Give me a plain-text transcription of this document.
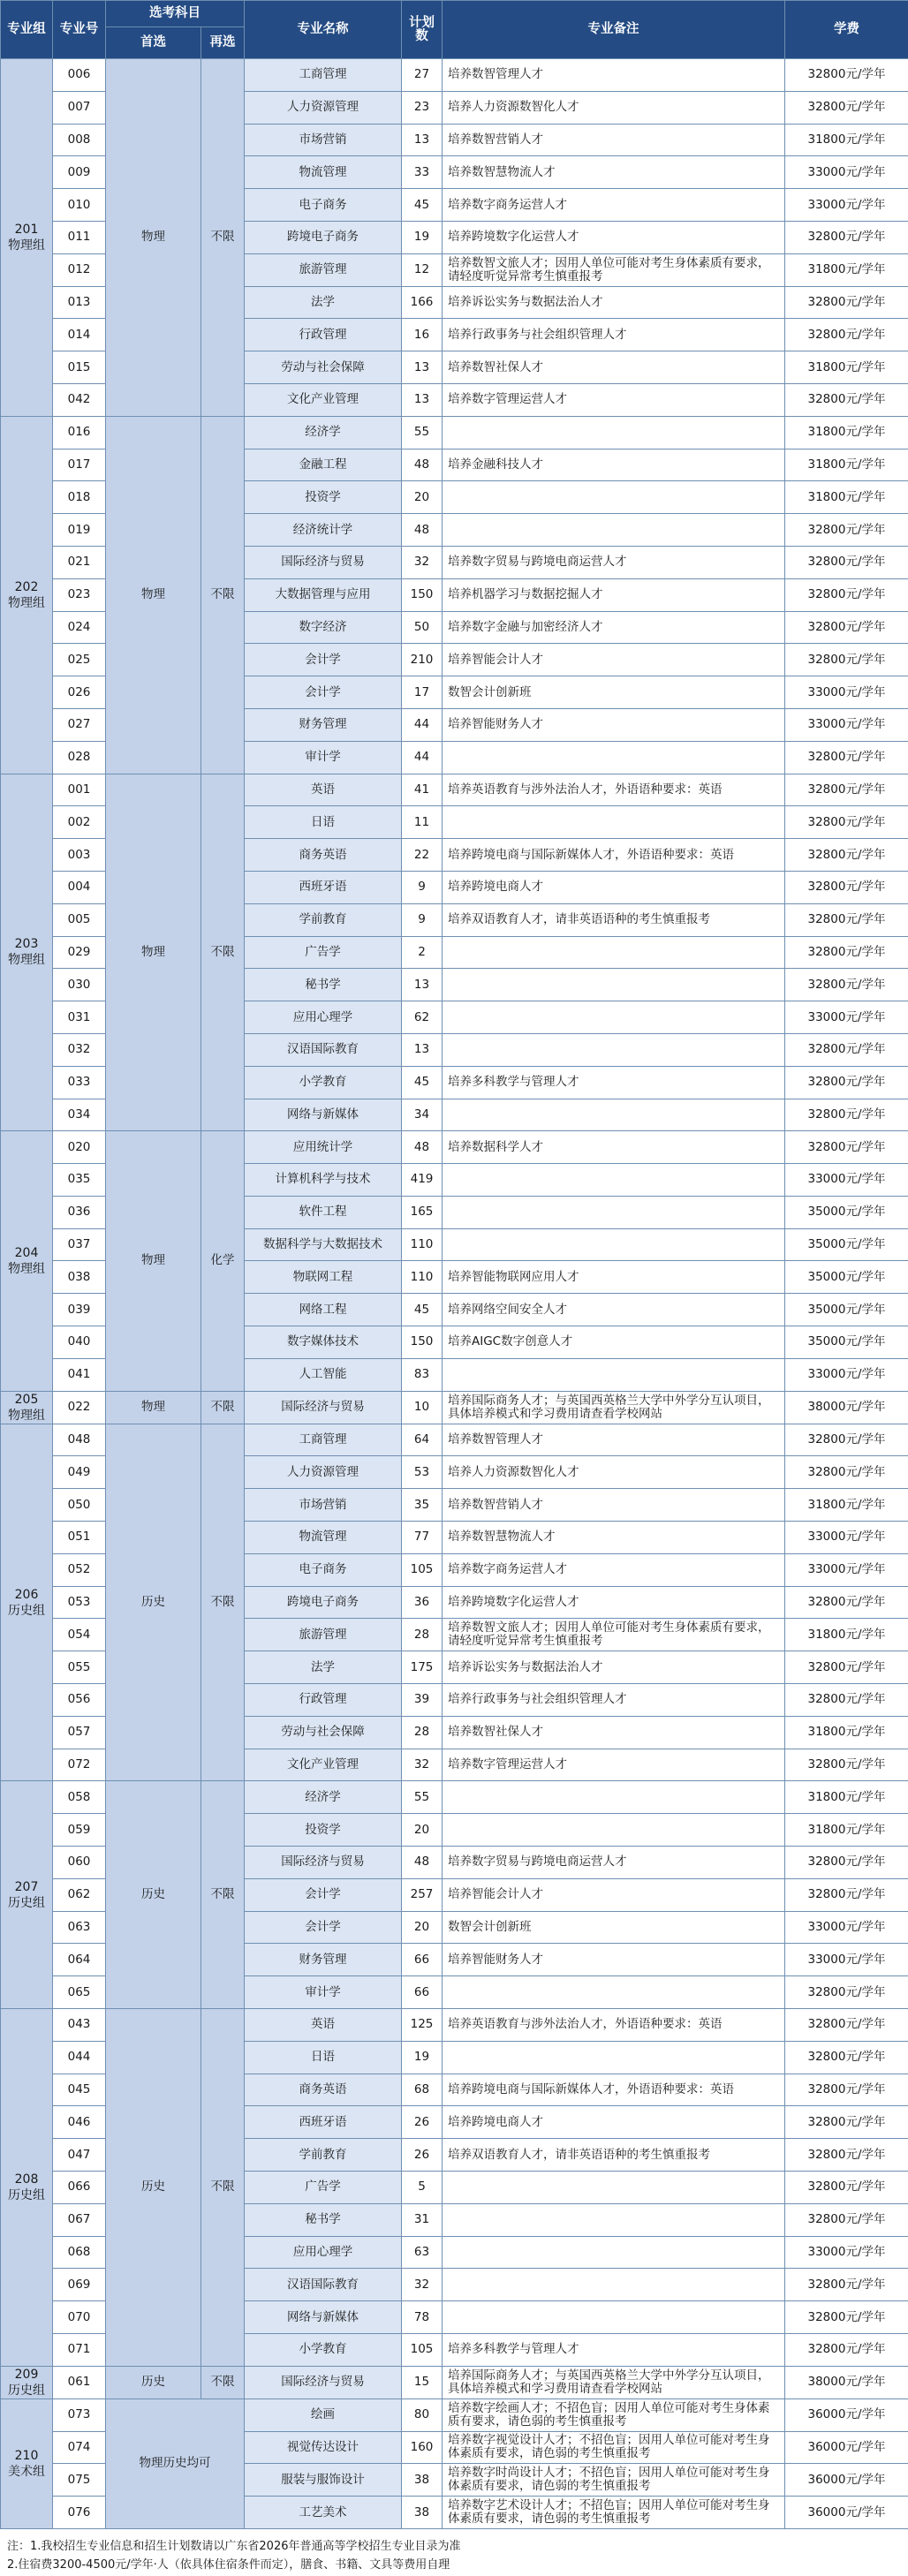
专业组	专业号	选考科目		专业名称	计划数	专业备注	学费
		首选	再选				

201
物理组	006	物理	不限	工商管理	27	培养数智管理人才	32800元/学年
	007			人力资源管理	23	培养人力资源数智化人才	32800元/学年
	008			市场营销	13	培养数智营销人才	31800元/学年
	009			物流管理	33	培养数智慧物流人才	33000元/学年
	010			电子商务	45	培养数字商务运营人才	33000元/学年
	011			跨境电子商务	19	培养跨境数字化运营人才	32800元/学年
	012			旅游管理	12	培养数智文旅人才；因用人单位可能对考生身体素质有要求，请轻度听觉异常考生慎重报考	31800元/学年
	013			法学	166	培养诉讼实务与数据法治人才	32800元/学年
	014			行政管理	16	培养行政事务与社会组织管理人才	32800元/学年
	015			劳动与社会保障	13	培养数智社保人才	31800元/学年
	042			文化产业管理	13	培养数字管理运营人才	32800元/学年

202
物理组	016	物理	不限	经济学	55		31800元/学年
	017			金融工程	48	培养金融科技人才	31800元/学年
	018			投资学	20		31800元/学年
	019			经济统计学	48		32800元/学年
	021			国际经济与贸易	32	培养数字贸易与跨境电商运营人才	32800元/学年
	023			大数据管理与应用	150	培养机器学习与数据挖掘人才	32800元/学年
	024			数字经济	50	培养数字金融与加密经济人才	32800元/学年
	025			会计学	210	培养智能会计人才	32800元/学年
	026			会计学	17	数智会计创新班	33000元/学年
	027			财务管理	44	培养智能财务人才	33000元/学年
	028			审计学	44		32800元/学年

203
物理组	001	物理	不限	英语	41	培养英语教育与涉外法治人才，外语语种要求：英语	32800元/学年
	002			日语	11		32800元/学年
	003			商务英语	22	培养跨境电商与国际新媒体人才，外语语种要求：英语	32800元/学年
	004			西班牙语	9	培养跨境电商人才	32800元/学年
	005			学前教育	9	培养双语教育人才，请非英语语种的考生慎重报考	32800元/学年
	029			广告学	2		32800元/学年
	030			秘书学	13		32800元/学年
	031			应用心理学	62		33000元/学年
	032			汉语国际教育	13		32800元/学年
	033			小学教育	45	培养多科教学与管理人才	32800元/学年
	034			网络与新媒体	34		32800元/学年

204
物理组	020	物理	化学	应用统计学	48	培养数据科学人才	32800元/学年
	035			计算机科学与技术	419		33000元/学年
	036			软件工程	165		35000元/学年
	037			数据科学与大数据技术	110		35000元/学年
	038			物联网工程	110	培养智能物联网应用人才	35000元/学年
	039			网络工程	45	培养网络空间安全人才	35000元/学年
	040			数字媒体技术	150	培养AIGC数字创意人才	35000元/学年
	041			人工智能	83		33000元/学年

205
物理组	022	物理	不限	国际经济与贸易	10	培养国际商务人才；与英国西英格兰大学中外学分互认项目，具体培养模式和学习费用请查看学校网站	38000元/学年

206
历史组	048	历史	不限	工商管理	64	培养数智管理人才	32800元/学年
	049			人力资源管理	53	培养人力资源数智化人才	32800元/学年
	050			市场营销	35	培养数智营销人才	31800元/学年
	051			物流管理	77	培养数智慧物流人才	33000元/学年
	052			电子商务	105	培养数字商务运营人才	33000元/学年
	053			跨境电子商务	36	培养跨境数字化运营人才	32800元/学年
	054			旅游管理	28	培养数智文旅人才；因用人单位可能对考生身体素质有要求，请轻度听觉异常考生慎重报考	31800元/学年
	055			法学	175	培养诉讼实务与数据法治人才	32800元/学年
	056			行政管理	39	培养行政事务与社会组织管理人才	32800元/学年
	057			劳动与社会保障	28	培养数智社保人才	31800元/学年
	072			文化产业管理	32	培养数字管理运营人才	32800元/学年

207
历史组	058	历史	不限	经济学	55		31800元/学年
	059			投资学	20		31800元/学年
	060			国际经济与贸易	48	培养数字贸易与跨境电商运营人才	32800元/学年
	062			会计学	257	培养智能会计人才	32800元/学年
	063			会计学	20	数智会计创新班	33000元/学年
	064			财务管理	66	培养智能财务人才	33000元/学年
	065			审计学	66		32800元/学年

208
历史组	043	历史	不限	英语	125	培养英语教育与涉外法治人才，外语语种要求：英语	32800元/学年
	044			日语	19		32800元/学年
	045			商务英语	68	培养跨境电商与国际新媒体人才，外语语种要求：英语	32800元/学年
	046			西班牙语	26	培养跨境电商人才	32800元/学年
	047			学前教育	26	培养双语教育人才，请非英语语种的考生慎重报考	32800元/学年
	066			广告学	5		32800元/学年
	067			秘书学	31		32800元/学年
	068			应用心理学	63		33000元/学年
	069			汉语国际教育	32		32800元/学年
	070			网络与新媒体	78		32800元/学年
	071			小学教育	105	培养多科教学与管理人才	32800元/学年

209
历史组	061	历史	不限	国际经济与贸易	15	培养国际商务人才；与英国西英格兰大学中外学分互认项目，具体培养模式和学习费用请查看学校网站	38000元/学年

210
美术组	073	物理历史均可		绘画	80	培养数字绘画人才；不招色盲；因用人单位可能对考生身体素质有要求，请色弱的考生慎重报考	36000元/学年
	074			视觉传达设计	160	培养数字视觉设计人才；不招色盲；因用人单位可能对考生身体素质有要求，请色弱的考生慎重报考	36000元/学年
	075			服装与服饰设计	38	培养数字时尚设计人才；不招色盲；因用人单位可能对考生身体素质有要求，请色弱的考生慎重报考	36000元/学年
	076			工艺美术	38	培养数字艺术设计人才；不招色盲；因用人单位可能对考生身体素质有要求，请色弱的考生慎重报考	36000元/学年
注：1.我校招生专业信息和招生计划数请以广东省2026年普通高等学校招生专业目录为准
2.住宿费3200-4500元/学年·人（依具体住宿条件而定），膳食、书籍、文具等费用自理
